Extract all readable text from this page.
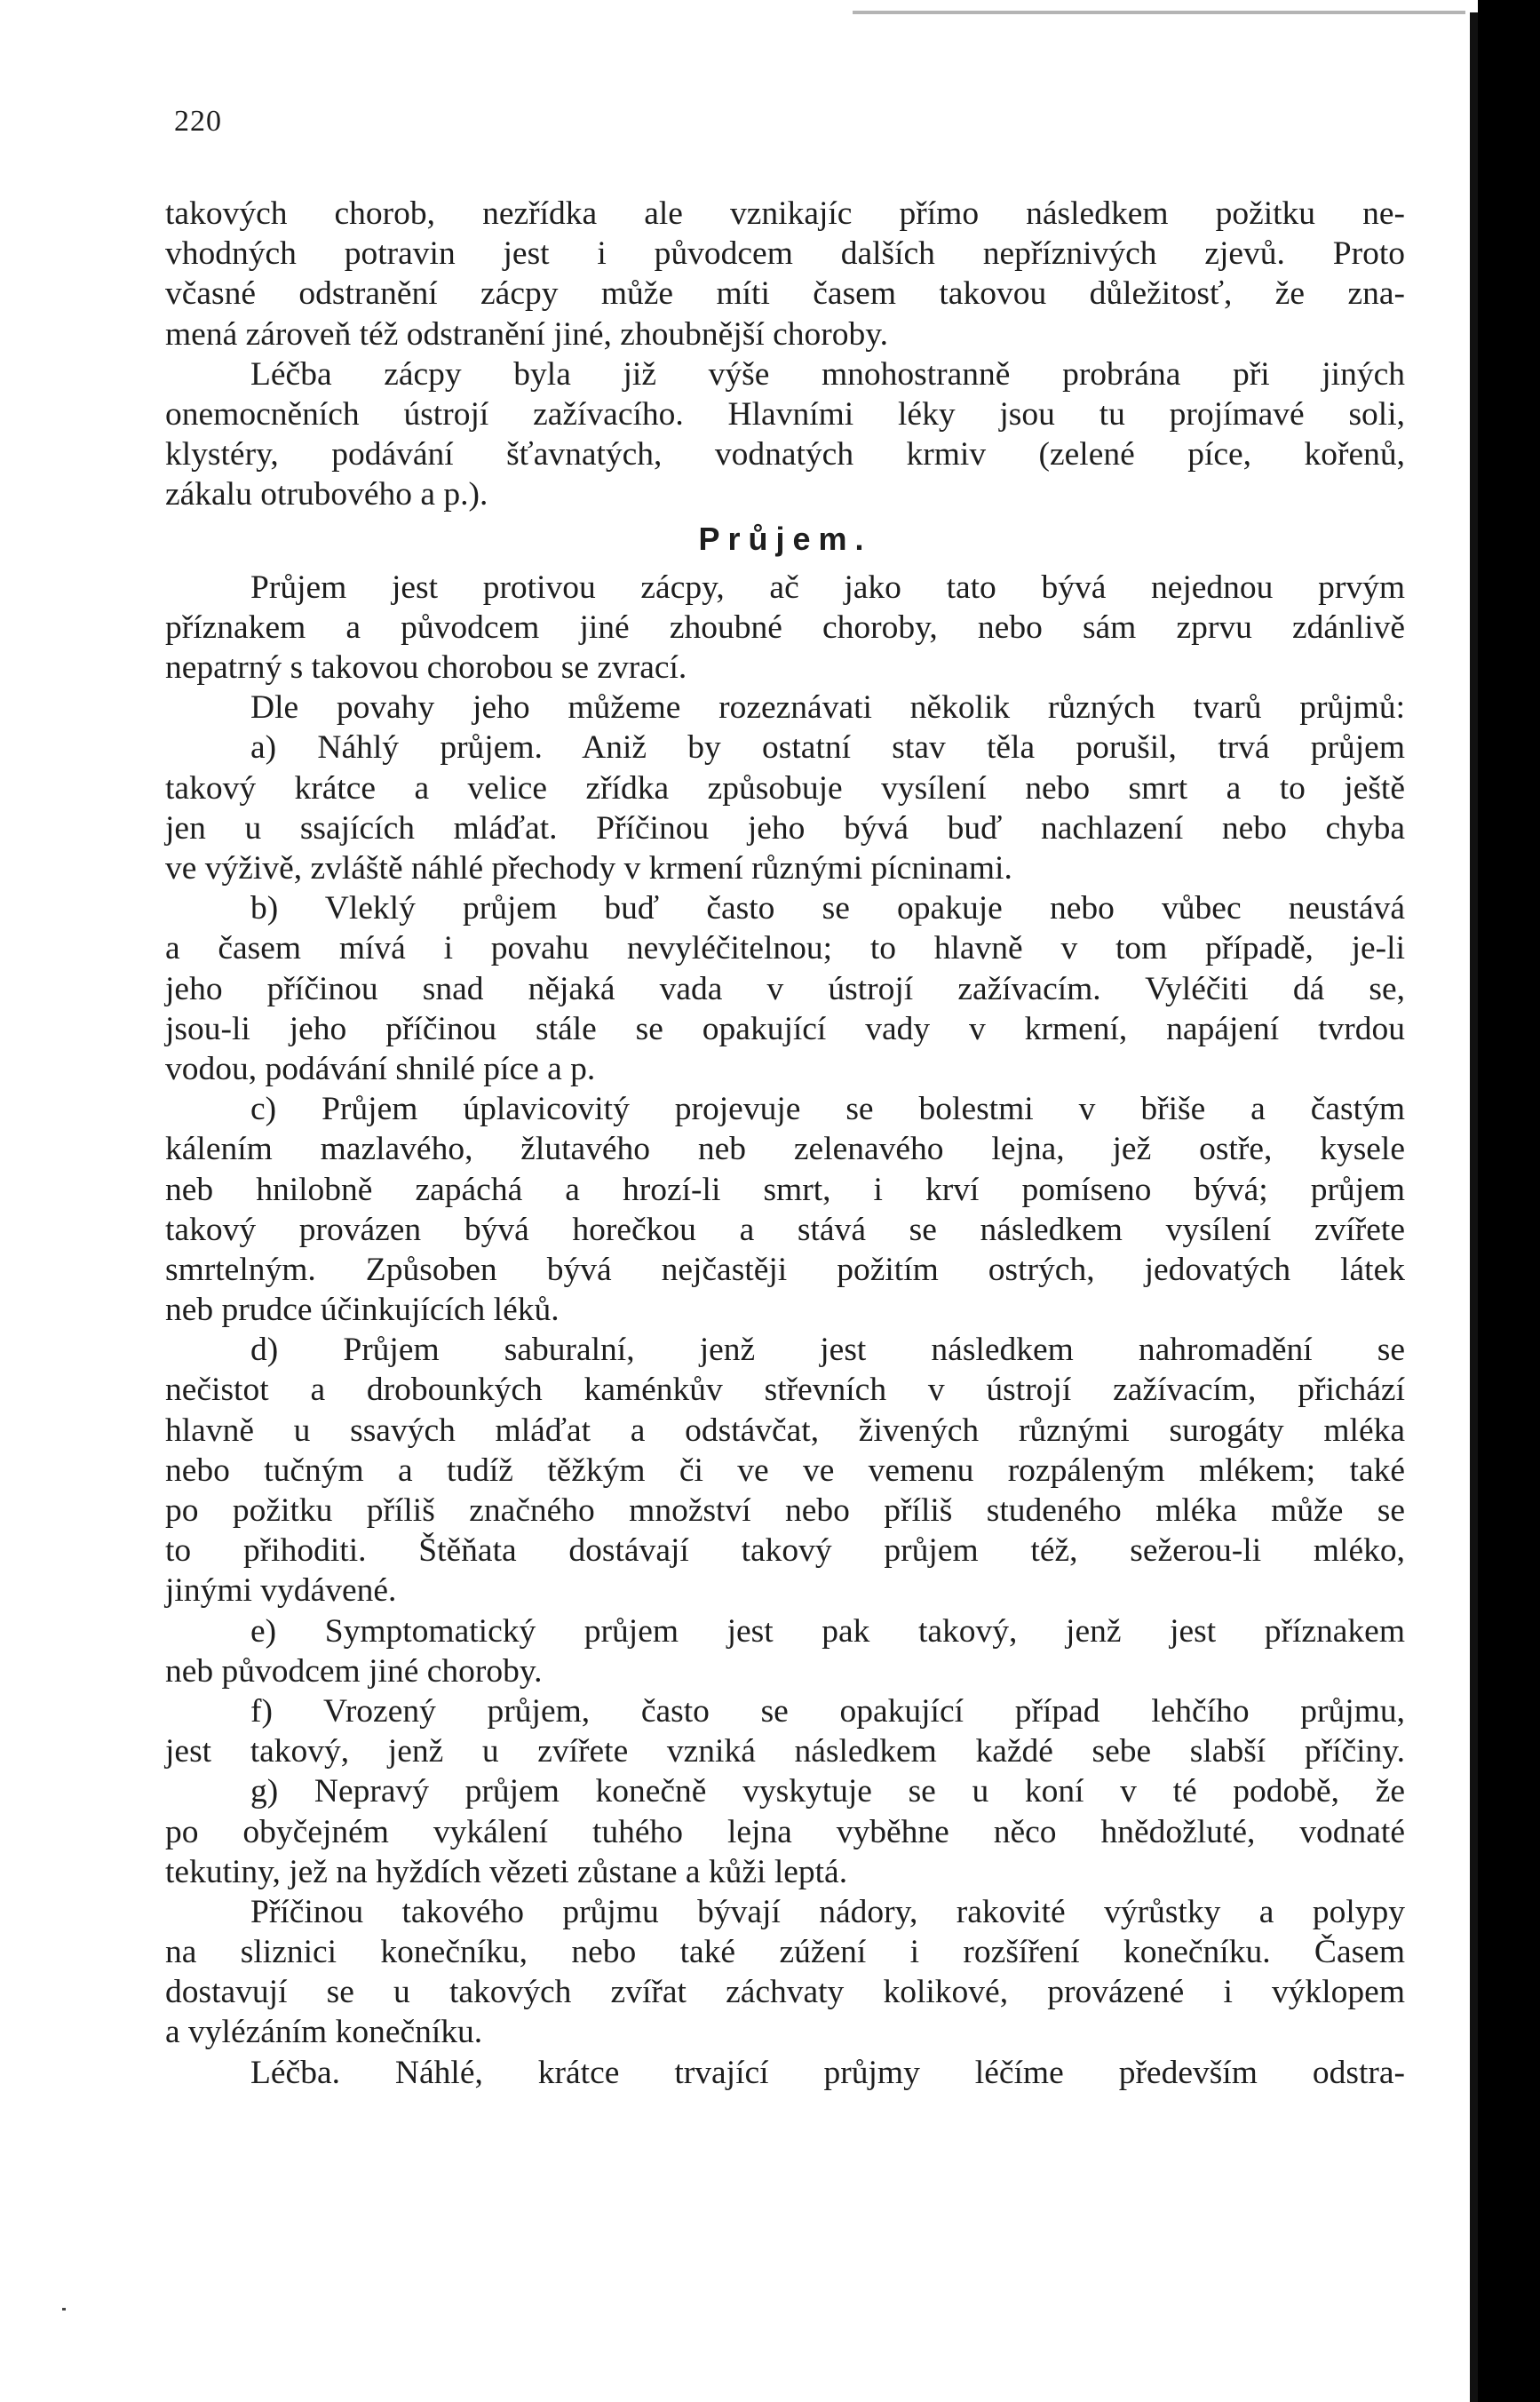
220
takových chorob, nezřídka ale vznikajíc přímo následkem požitku ne-
vhodných potravin jest i původcem dalších nepříznivých zjevů. Proto
včasné odstranění zácpy může míti časem takovou důležitosť, že zna-
mená zároveň též odstranění jiné, zhoubnější choroby.
Léčba zácpy byla již výše mnohostranně probrána při jiných
onemocněních ústrojí zažívacího. Hlavními léky jsou tu projímavé soli,
klystéry, podávání šťavnatých, vodnatých krmiv (zelené píce, kořenů,
zákalu otrubového a p.).
Průjem.
Průjem jest protivou zácpy, ač jako tato bývá nejednou prvým
příznakem a původcem jiné zhoubné choroby, nebo sám zprvu zdánlivě
nepatrný s takovou chorobou se zvrací.
Dle povahy jeho můžeme rozeznávati několik různých tvarů průjmů:
a) Náhlý průjem. Aniž by ostatní stav těla porušil, trvá průjem
takový krátce a velice zřídka způsobuje vysílení nebo smrt a to ještě
jen u ssajících mláďat. Příčinou jeho bývá buď nachlazení nebo chyba
ve výživě, zvláště náhlé přechody v krmení různými pícninami.
b) Vleklý průjem buď často se opakuje nebo vůbec neustává
a časem mívá i povahu nevyléčitelnou; to hlavně v tom případě, je-li
jeho příčinou snad nějaká vada v ústrojí zažívacím. Vyléčiti dá se,
jsou-li jeho příčinou stále se opakující vady v krmení, napájení tvrdou
vodou, podávání shnilé píce a p.
c) Průjem úplavicovitý projevuje se bolestmi v břiše a častým
kálením mazlavého, žlutavého neb zelenavého lejna, jež ostře, kysele
neb hnilobně zapáchá a hrozí-li smrt, i krví pomíseno bývá; průjem
takový provázen bývá horečkou a stává se následkem vysílení zvířete
smrtelným. Způsoben bývá nejčastěji požitím ostrých, jedovatých látek
neb prudce účinkujících léků.
d) Průjem saburalní, jenž jest následkem nahromadění se
nečistot a drobounkých kaménkův střevních v ústrojí zažívacím, přichází
hlavně u ssavých mláďat a odstávčat, živených různými surogáty mléka
nebo tučným a tudíž těžkým či ve ve vemenu rozpáleným mlékem; také
po požitku příliš značného množství nebo příliš studeného mléka může se
to přihoditi. Štěňata dostávají takový průjem též, sežerou-li mléko,
jinými vydávené.
e) Symptomatický průjem jest pak takový, jenž jest příznakem
neb původcem jiné choroby.
f) Vrozený průjem, často se opakující případ lehčího průjmu,
jest takový, jenž u zvířete vzniká následkem každé sebe slabší příčiny.
g) Nepravý průjem konečně vyskytuje se u koní v té podobě, že
po obyčejném vykálení tuhého lejna vyběhne něco hnědožluté, vodnaté
tekutiny, jež na hyždích vězeti zůstane a kůži leptá.
Příčinou takového průjmu bývají nádory, rakovité výrůstky a polypy
na sliznici konečníku, nebo také zúžení i rozšíření konečníku. Časem
dostavují se u takových zvířat záchvaty kolikové, provázené i výklopem
a vylézáním konečníku.
Léčba. Náhlé, krátce trvající průjmy léčíme především odstra-
